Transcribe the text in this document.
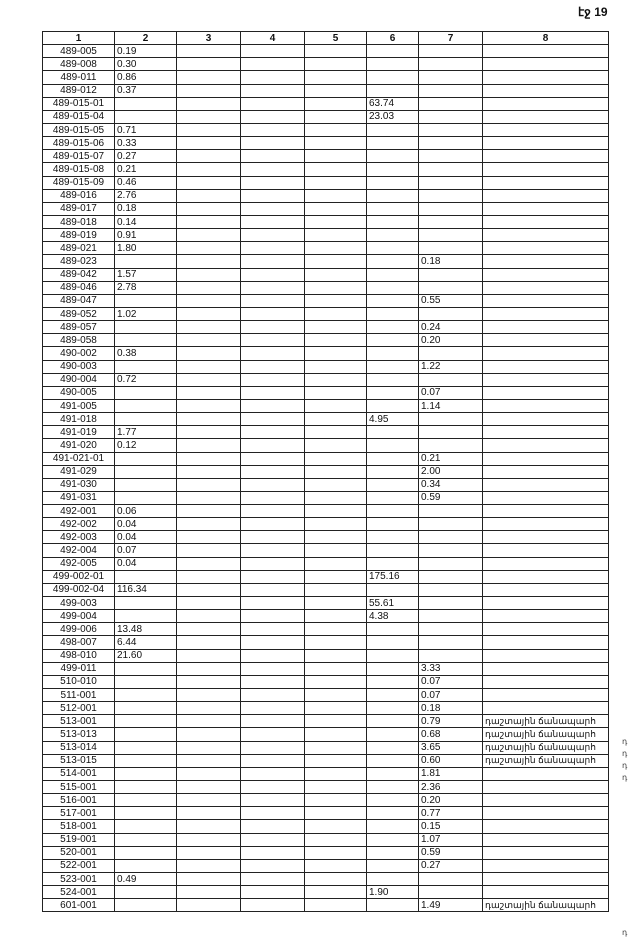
էջ 19
1	2	3	4	5	6	7	8
489-005	0.19						
489-008	0.30						
489-011	0.86						
489-012	0.37						
489-015-01					63.74		
489-015-04					23.03		
489-015-05	0.71						
489-015-06	0.33						
489-015-07	0.27						
489-015-08	0.21						
489-015-09	0.46						
489-016	2.76						
489-017	0.18						
489-018	0.14						
489-019	0.91						
489-021	1.80						
489-023						0.18	
489-042	1.57						
489-046	2.78						
489-047						0.55	
489-052	1.02						
489-057						0.24	
489-058						0.20	
490-002	0.38						
490-003						1.22	
490-004	0.72						
490-005						0.07	
491-005						1.14	
491-018					4.95		
491-019	1.77						
491-020	0.12						
491-021-01						0.21	
491-029						2.00	
491-030						0.34	
491-031						0.59	
492-001	0.06						
492-002	0.04						
492-003	0.04						
492-004	0.07						
492-005	0.04						
499-002-01					175.16		
499-002-04	116.34						
499-003					55.61		
499-004					4.38		
499-006	13.48						
498-007	6.44						
498-010	21.60						
499-011						3.33	
510-010						0.07	
511-001						0.07	
512-001						0.18	
513-001						0.79	դաշտային ճանապարհ
513-013						0.68	դաշտային ճանապարհ
513-014						3.65	դաշտային ճանապարհ
513-015						0.60	դաշտային ճանապարհ
514-001						1.81	
515-001						2.36	
516-001						0.20	
517-001						0.77	
518-001						0.15	
519-001						1.07	
520-001						0.59	
522-001						0.27	
523-001	0.49						
524-001					1.90		
601-001						1.49	դաշտային ճանապարհ
դ
դ
դ
դ
դ
